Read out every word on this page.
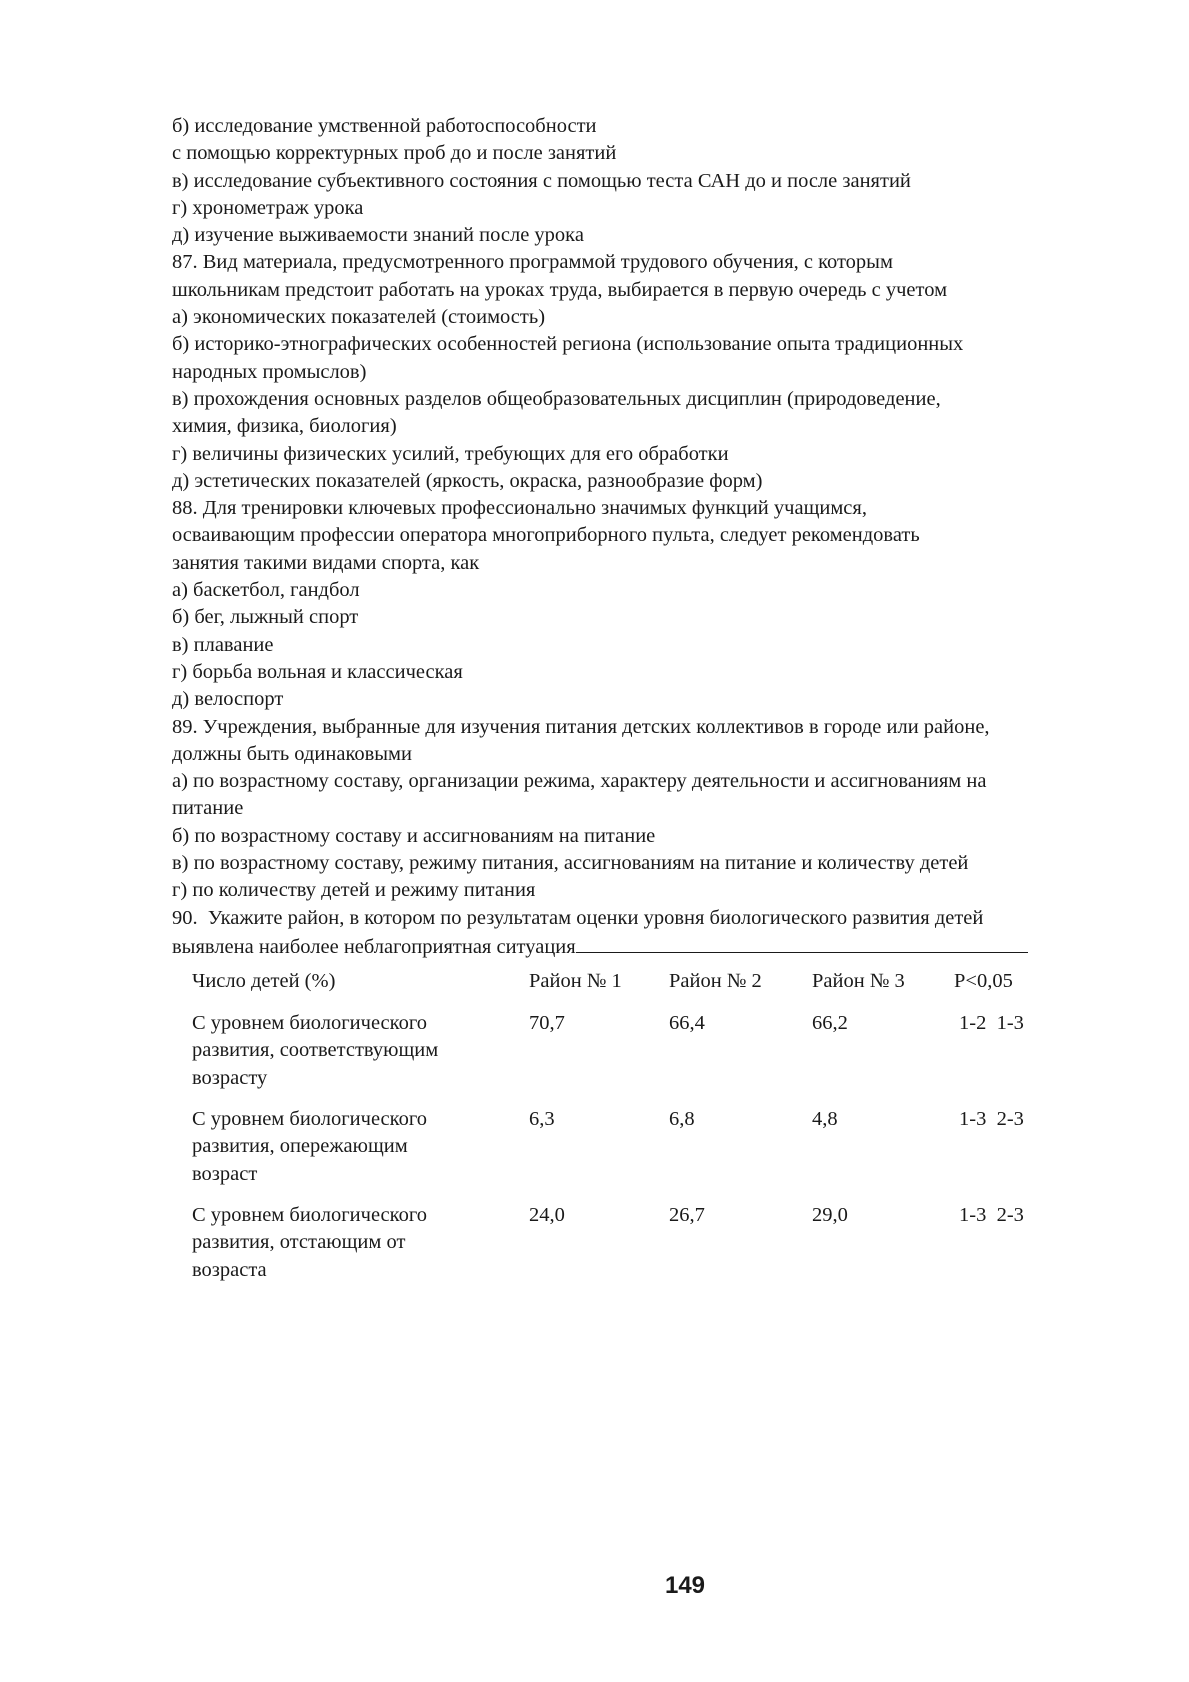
б) исследование умственной работоспособности
с помощью корректурных проб до и после занятий
в) исследование субъективного состояния с помощью теста САН до и после занятий
г) хронометраж урока
д) изучение выживаемости знаний после урока
87. Вид материала, предусмотренного программой трудового обучения, с которым
школьникам предстоит работать на уроках труда, выбирается в первую очередь с учетом
а) экономических показателей (стоимость)
б) историко-этнографических особенностей региона (использование опыта традиционных
народных промыслов)
в) прохождения основных разделов общеобразовательных дисциплин (природоведение,
химия, физика, биология)
г) величины физических усилий, требующих для его обработки
д) эстетических показателей (яркость, окраска, разнообразие форм)
88. Для тренировки ключевых профессионально значимых функций учащимся,
осваивающим профессии оператора многоприборного пульта, следует рекомендовать
занятия такими видами спорта, как
а) баскетбол, гандбол
б) бег, лыжный спорт
в) плавание
г) борьба вольная и классическая
д) велоспорт
89. Учреждения, выбранные для изучения питания детских коллективов в городе или районе,
должны быть одинаковыми
а) по возрастному составу, организации режима, характеру деятельности и ассигнованиям на
питание
б) по возрастному составу и ассигнованиям на питание
в) по возрастному составу, режиму питания, ассигнованиям на питание и количеству детей
г) по количеству детей и режиму питания
90.  Укажите район, в котором по результатам оценки уровня биологического развития детей
выявлена наиболее неблагоприятная ситуация
Число детей (%)	Район № 1 Район № 2 Район № 3 P<0,05
С уровнем биологического
развития, соответствующим
возрасту
70,7	66,4	66,2	1-2  1-3
С уровнем биологического
развития, опережающим
возраст
6,3	6,8	4,8	1-3  2-3
С уровнем биологического
развития, отстающим от
возраста
24,0	26,7	29,0	1-3  2-3
149
